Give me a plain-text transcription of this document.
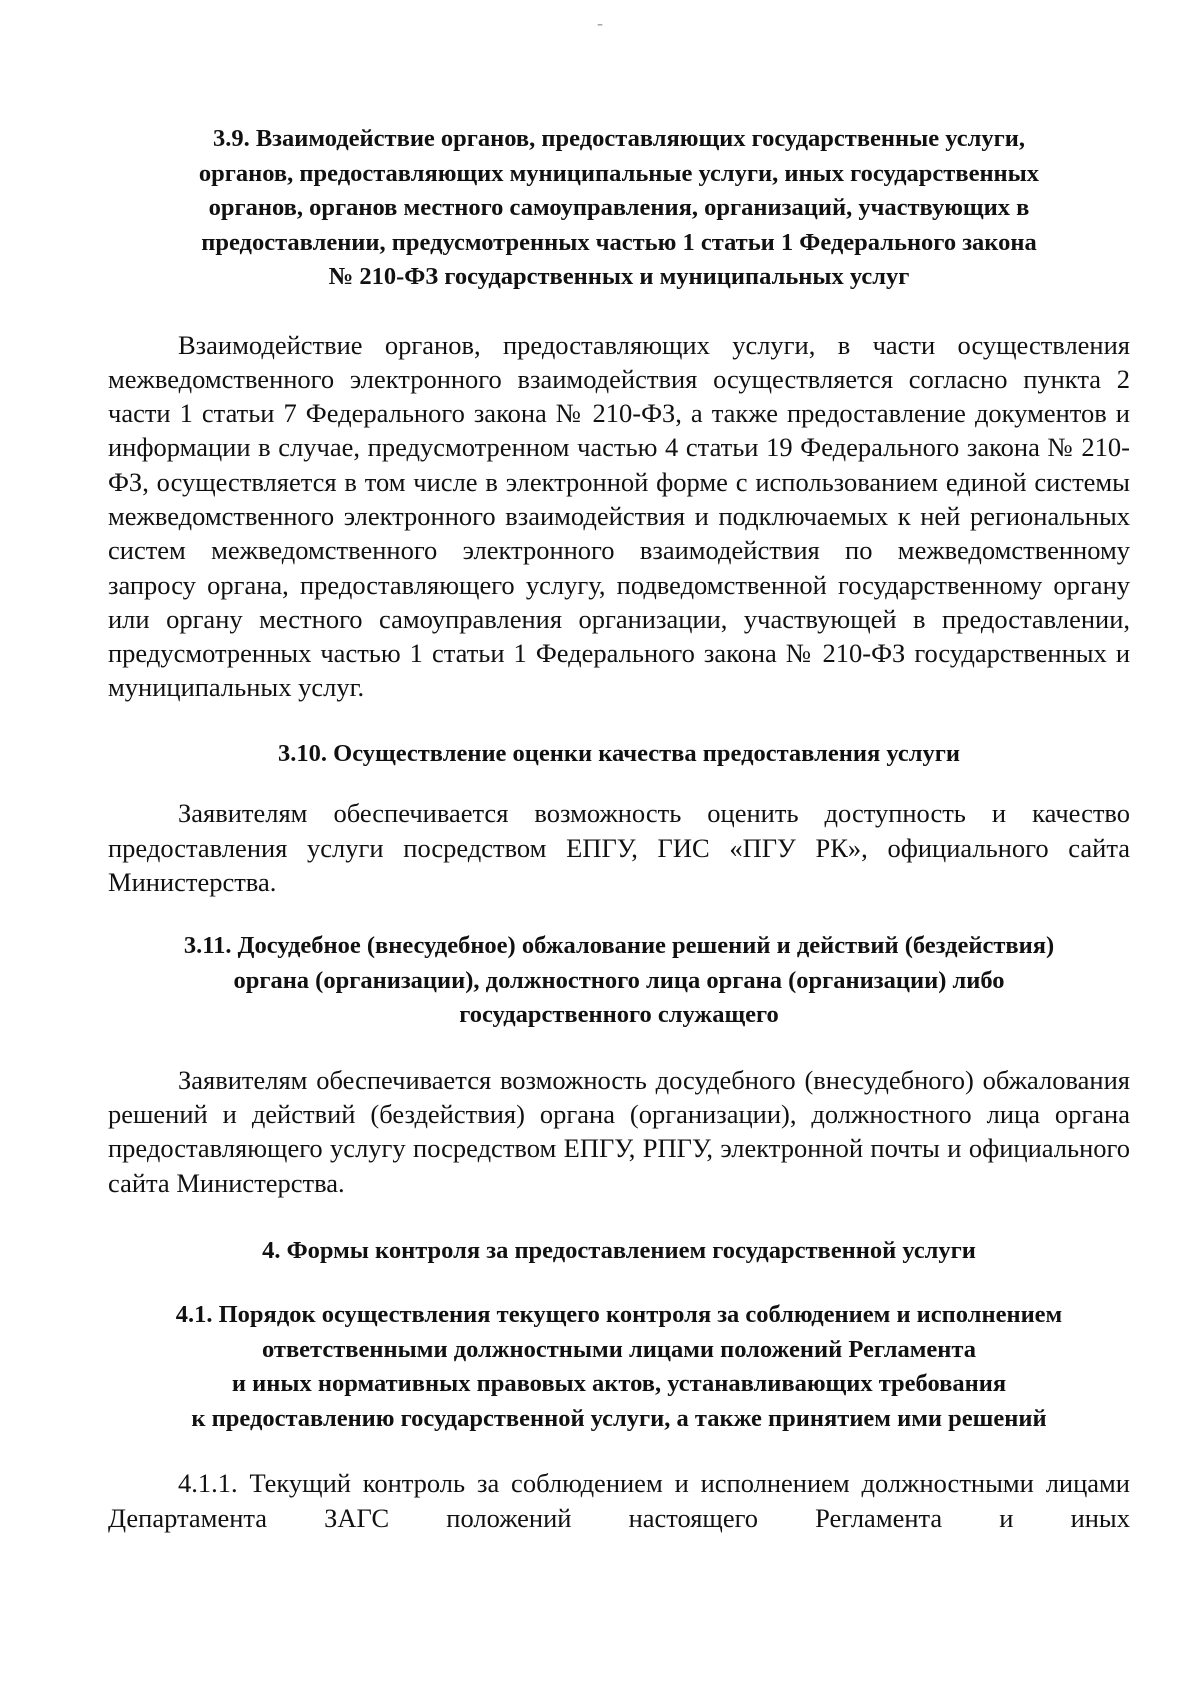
-
3.9. Взаимодействие органов, предоставляющих государственные услуги,
органов, предоставляющих муниципальные услуги, иных государственных
органов, органов местного самоуправления, организаций, участвующих в
предоставлении, предусмотренных частью 1 статьи 1 Федерального закона
№ 210-ФЗ государственных и муниципальных услуг

Взаимодействие органов, предоставляющих услуги, в части осуществления межведомственного электронного взаимодействия осуществляется согласно пункта 2 части 1 статьи 7 Федерального закона № 210-ФЗ, а также предоставление документов и информации в случае, предусмотренном частью 4 статьи 19 Федерального закона № 210-ФЗ, осуществляется в том числе в электронной форме с использованием единой системы межведомственного электронного взаимодействия и подключаемых к ней региональных систем межведомственного электронного взаимодействия по межведомственному запросу органа, предоставляющего услугу, подведомственной государственному органу или органу местного самоуправления организации, участвующей в предоставлении, предусмотренных частью 1 статьи 1 Федерального закона № 210-ФЗ государственных и муниципальных услуг.

3.10. Осуществление оценки качества предоставления услуги

Заявителям обеспечивается возможность оценить доступность и качество предоставления услуги посредством ЕПГУ, ГИС «ПГУ РК», официального сайта Министерства.

3.11. Досудебное (внесудебное) обжалование решений и действий (бездействия)
органа (организации), должностного лица органа (организации) либо
государственного служащего

Заявителям обеспечивается возможность досудебного (внесудебного) обжалования решений и действий (бездействия) органа (организации), должностного лица органа предоставляющего услугу посредством ЕПГУ, РПГУ, электронной почты и официального сайта Министерства.

4. Формы контроля за предоставлением государственной услуги
4.1. Порядок осуществления текущего контроля за соблюдением и исполнением
ответственными должностными лицами положений Регламента
и иных нормативных правовых актов, устанавливающих требования
к предоставлению государственной услуги, а также принятием ими решений

4.1.1. Текущий контроль за соблюдением и исполнением должностными лицами Департамента ЗАГС положений настоящего Регламента и иных
